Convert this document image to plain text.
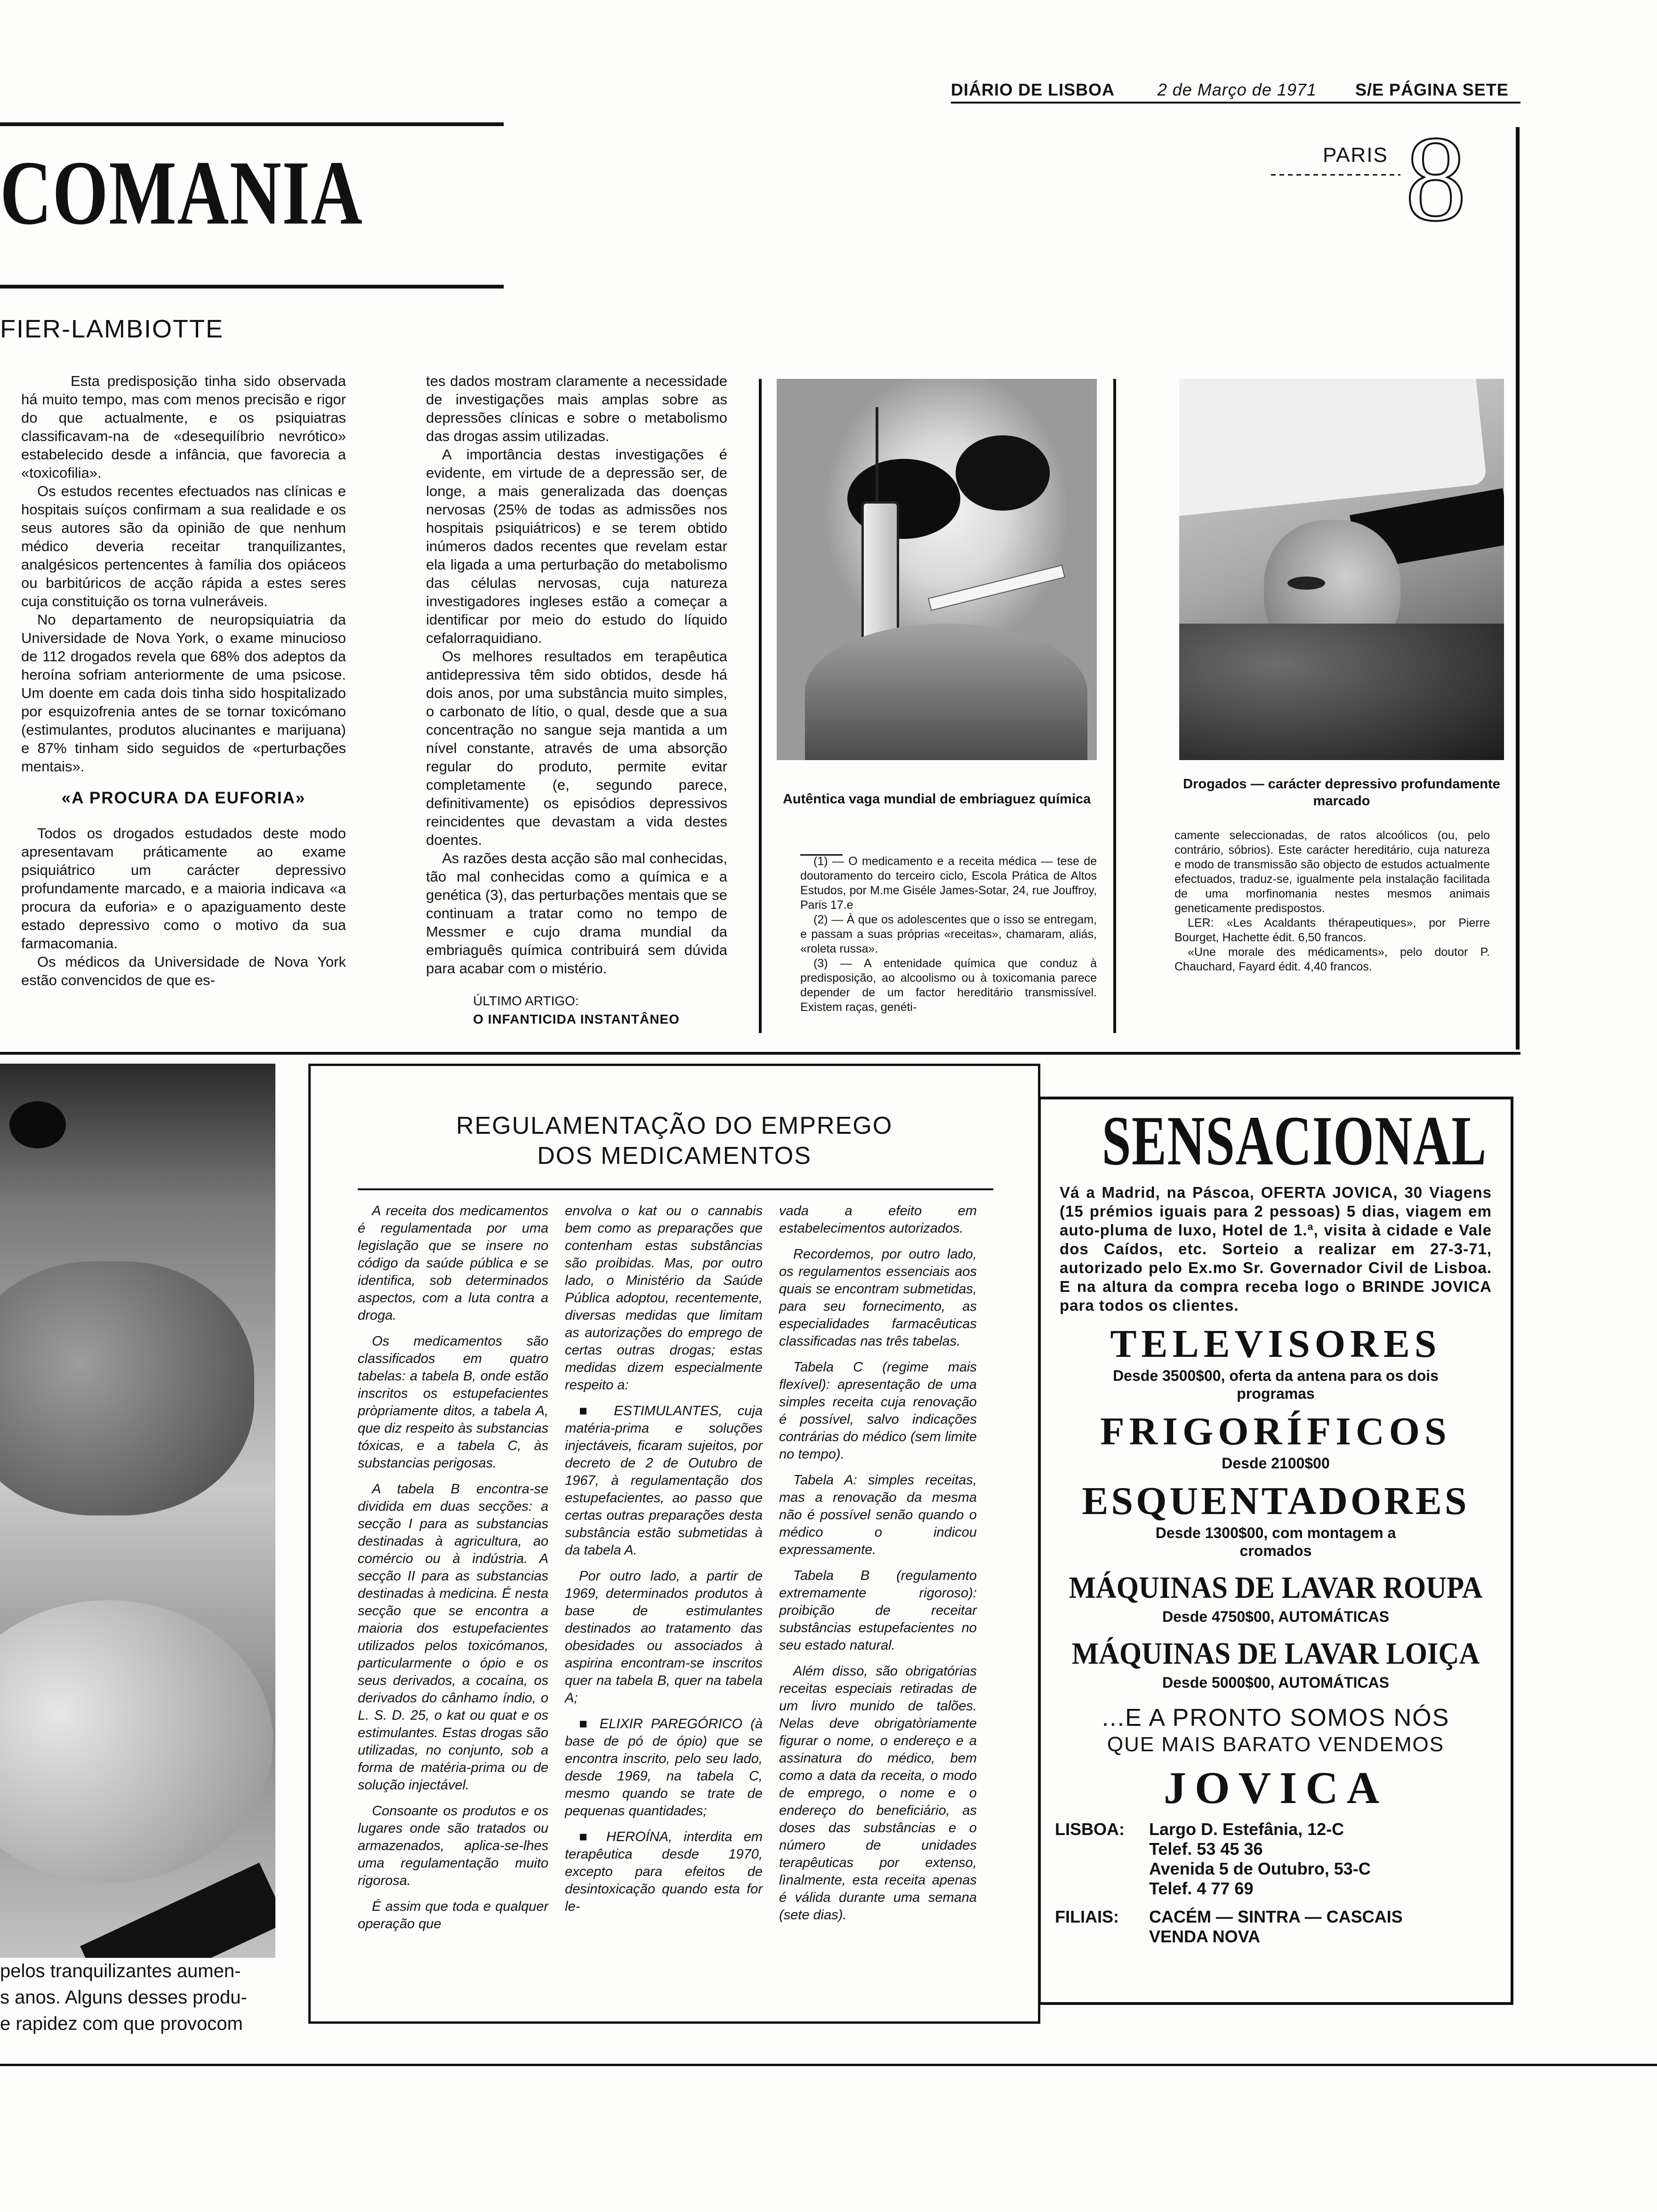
DIÁRIO DE LISBOA	2 de Março de 1971 S/E PÁGINA SETE
PARIS 8
COMANIA
FIER-LAMBIOTTE

Esta predisposição tinha sido observada há muito tempo, mas com menos precisão e rigor do que actualmente, e os psiquiatras classificavam-na de «desequilíbrio nevrótico» estabelecido desde a infância, que favorecia a «toxicofilia».

Os estudos recentes efectuados nas clínicas e hospitais suíços confirmam a sua realidade e os seus autores são da opinião de que nenhum médico deveria receitar tranquilizantes, analgésicos pertencentes à família dos opiáceos ou barbitúricos de acção rápida a estes seres cuja constituição os torna vulneráveis.

No departamento de neuropsiquiatria da Universidade de Nova York, o exame minucioso de 112 drogados revela que 68% dos adeptos da heroína sofriam anteriormente de uma psicose. Um doente em cada dois tinha sido hospitalizado por esquizofrenia antes de se tornar toxicómano (estimulantes, produtos alucinantes e marijuana) e 87% tinham sido seguidos de «perturbações mentais».

«A PROCURA DA EUFORIA»

Todos os drogados estudados deste modo apresentavam práticamente ao exame psiquiátrico um carácter depressivo profundamente marcado, e a maioria indicava «a procura da euforia» e o apaziguamento deste estado depressivo como o motivo da sua farmacomania.

Os médicos da Universidade de Nova York estão convencidos de que es-

tes dados mostram claramente a necessidade de investigações mais amplas sobre as depressões clínicas e sobre o metabolismo das drogas assim utilizadas.

A importância destas investigações é evidente, em virtude de a depressão ser, de longe, a mais generalizada das doenças nervosas (25% de todas as admissões nos hospitais psiquiátricos) e se terem obtido inúmeros dados recentes que revelam estar ela ligada a uma perturbação do metabolismo das células nervosas, cuja natureza investigadores ingleses estão a começar a identificar por meio do estudo do líquido cefalorraquidiano.

Os melhores resultados em terapêutica antidepressiva têm sido obtidos, desde há dois anos, por uma substância muito simples, o carbonato de lítio, o qual, desde que a sua concentração no sangue seja mantida a um nível constante, através de uma absorção regular do produto, permite evitar completamente (e, segundo parece, definitivamente) os episódios depressivos reincidentes que devastam a vida destes doentes.

As razões desta acção são mal conhecidas, tão mal conhecidas como a química e a genética (3), das perturbações mentais que se continuam a tratar como no tempo de Messmer e cujo drama mundial da embriaguês química contribuirá sem dúvida para acabar com o mistério.

ÚLTIMO ARTIGO:
O INFANTICIDA INSTANTÂNEO
Autêntica vaga mundial de embriaguez química
Drogados — carácter depressivo profundamente marcado

(1) — O medicamento e a receita médica — tese de doutoramento do terceiro ciclo, Escola Prática de Altos Estudos, por M.me Giséle James-Sotar, 24, rue Jouffroy, Paris 17.e

(2) — À que os adolescentes que o isso se entregam, e passam a suas próprias «receitas», chamaram, aliás, «roleta russa».

(3) — A entenidade química que conduz à predisposição, ao alcoolismo ou à toxicomania parece depender de um factor hereditário transmissível. Existem raças, genéti-

camente seleccionadas, de ratos alcoólicos (ou, pelo contrário, sóbrios). Este carácter hereditário, cuja natureza e modo de transmissão são objecto de estudos actualmente efectuados, traduz-se, igualmente pela instalação facilitada de uma morfinomania nestes mesmos animais geneticamente predispostos.

LER: «Les Acaldants thérapeutiques», por Pierre Bourget, Hachette édit. 6,50 francos.

«Une morale des médicaments», pelo doutor P. Chauchard, Fayard édit. 4,40 francos.

pelos tranquilizantes aumen-
s anos. Alguns desses produ-
e rapidez com que provocom
REGULAMENTAÇÃO DO EMPREGO
DOS MEDICAMENTOS

A receita dos medicamentos é regulamentada por uma legislação que se insere no código da saúde pública e se identifica, sob determinados aspectos, com a luta contra a droga.

Os medicamentos são classificados em quatro tabelas: a tabela B, onde estão inscritos os estupefacientes pròpriamente ditos, a tabela A, que diz respeito às substancias tóxicas, e a tabela C, às substancias perigosas.

A tabela B encontra-se dividida em duas secções: a secção I para as substancias destinadas à agricultura, ao comércio ou à indústria. A secção II para as substancias destinadas à medicina. É nesta secção que se encontra a maioria dos estupefacientes utilizados pelos toxicómanos, particularmente o ópio e os seus derivados, a cocaína, os derivados do cânhamo índio, o L. S. D. 25, o kat ou quat e os estimulantes. Estas drogas são utilizadas, no conjunto, sob a forma de matéria-prima ou de solução injectável.

Consoante os produtos e os lugares onde são tratados ou armazenados, aplica-se-lhes uma regulamentação muito rigorosa.

É assim que toda e qualquer operação que

envolva o kat ou o cannabis bem como as preparações que contenham estas substâncias são proibidas. Mas, por outro lado, o Ministério da Saúde Pública adoptou, recentemente, diversas medidas que limitam as autorizações do emprego de certas outras drogas; estas medidas dizem especialmente respeito a:

■ ESTIMULANTES, cuja matéria-prima e soluções injectáveis, ficaram sujeitos, por decreto de 2 de Outubro de 1967, à regulamentação dos estupefacientes, ao passo que certas outras preparações desta substância estão submetidas à da tabela A.

Por outro lado, a partir de 1969, determinados produtos à base de estimulantes destinados ao tratamento das obesidades ou associados à aspirina encontram-se inscritos quer na tabela B, quer na tabela A;

■ ELIXIR PAREGÓRICO (à base de pó de ópio) que se encontra inscrito, pelo seu lado, desde 1969, na tabela C, mesmo quando se trate de pequenas quantidades;

■ HEROÍNA, interdita em terapêutica desde 1970, excepto para efeitos de desintoxicação quando esta for le-

vada a efeito em estabelecimentos autorizados.

Recordemos, por outro lado, os regulamentos essenciais aos quais se encontram submetidas, para seu fornecimento, as especialidades farmacêuticas classificadas nas três tabelas.

Tabela C (regime mais flexível): apresentação de uma simples receita cuja renovação é possível, salvo indicações contrárias do médico (sem limite no tempo).

Tabela A: simples receitas, mas a renovação da mesma não é possível senão quando o médico o indicou expressamente.

Tabela B (regulamento extremamente rigoroso): proibição de receitar substâncias estupefacientes no seu estado natural.

Além disso, são obrigatórias receitas especiais retiradas de um livro munido de talões. Nelas deve obrigatòriamente figurar o nome, o endereço e a assinatura do médico, bem como a data da receita, o modo de emprego, o nome e o endereço do beneficiário, as doses das substâncias e o número de unidades terapêuticas por extenso, lìnalmente, esta receita apenas é válida durante uma semana (sete dias).

SENSACIONAL
Vá a Madrid, na Páscoa, OFERTA JOVICA, 30 Viagens (15 prémios iguais para 2 pessoas) 5 dias, viagem em auto-pluma de luxo, Hotel de 1.ª, visita à cidade e Vale dos Caídos, etc. Sorteio a realizar em 27-3-71, autorizado pelo Ex.mo Sr. Governador Civil de Lisboa. E na altura da compra receba logo o BRINDE JOVICA para todos os clientes.
TELEVISORES
Desde 3500$00, oferta da antena para os dois programas
FRIGORÍFICOS
Desde 2100$00
ESQUENTADORES
Desde 1300$00, com montagem a cromados
MÁQUINAS DE LAVAR ROUPA
Desde 4750$00, AUTOMÁTICAS
MÁQUINAS DE LAVAR LOIÇA
Desde 5000$00, AUTOMÁTICAS
...E A PRONTO SOMOS NÓS
QUE MAIS BARATO VENDEMOS
JOVICA
LISBOA:	Largo D. Estefânia, 12-C
Telef. 53 45 36
Avenida 5 de Outubro, 53-C
Telef. 4 77 69
FILIAIS:	CACÉM — SINTRA — CASCAIS
VENDA NOVA
